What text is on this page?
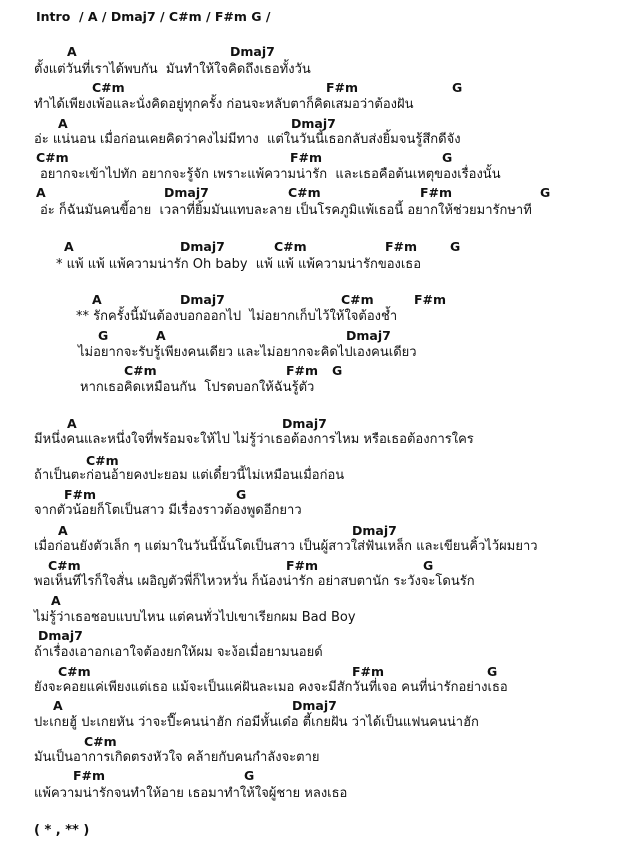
Intro  / A / Dmaj7 / C#m / F#m G /
A	Dmaj7
ตั้งแต่วันที่เราได้พบกัน  มันทำให้ใจคิดถึงเธอทั้งวัน
C#m	F#m	G
ทำได้เพียงเพ้อและนั่งคิดอยู่ทุกครั้ง ก่อนจะหลับตาก็คิดเสมอว่าต้องฝัน
A	Dmaj7
อ่ะ แน่นอน เมื่อก่อนเคยคิดว่าคงไม่มีทาง  แต่ในวันนี้เธอกลับส่งยิ้มจนรู้สึกดีจัง
C#m	F#m	G
อยากจะเข้าไปทัก อยากจะรู้จัก เพราะแพ้ความน่ารัก  และเธอคือต้นเหตุของเรื่องนั้น
A	Dmaj7	C#m	F#m	G
อ่ะ ก็ฉันมันคนขี้อาย  เวลาที่ยิ้มมันแทบละลาย เป็นโรคภูมิแพ้เธอนี้ อยากให้ช่วยมารักษาที
A	Dmaj7	C#m	F#m	G
* แพ้ แพ้ แพ้ความน่ารัก Oh baby  แพ้ แพ้ แพ้ความน่ารักของเธอ
A	Dmaj7	C#m	F#m
** รักครั้งนี้มันต้องบอกออกไป  ไม่อยากเก็บไว้ให้ใจต้องช้ำ
G	A	Dmaj7
ไม่อยากจะรับรู้เพียงคนเดียว และไม่อยากจะคิดไปเองคนเดียว
C#m	F#m G
หากเธอคิดเหมือนกัน  โปรดบอกให้ฉันรู้ตัว
A	Dmaj7
มีหนึ่งคนและหนึ่งใจที่พร้อมจะให้ไป ไม่รู้ว่าเธอต้องการไหม หรือเธอต้องการใคร
C#m
ถ้าเป็นตะก่อนอ้ายคงปะยอม แต่เดี๋ยวนี้ไม่เหมือนเมื่อก่อน
F#m	G
จากตัวน้อยก็โตเป็นสาว มีเรื่องราวต้องพูดอีกยาว
A	Dmaj7
เมื่อก่อนยังตัวเล็ก ๆ แต่มาในวันนี้นั้นโตเป็นสาว เป็นผู้สาวใส่ฟันเหล็ก และเขียนคิ้วไว้ผมยาว
C#m	F#m	G
พอเห็นทีไรก็ใจสั่น เผอิญตัวพี่ก็ไหวหวั่น ก็น้องน่ารัก อย่าสบตานัก ระวังจะโดนรัก
A
ไม่รู้ว่าเธอชอบแบบไหน แต่คนทั่วไปเขาเรียกผม Bad Boy
Dmaj7
ถ้าเรื่องเอาอกเอาใจต้องยกให้ผม จะง้อเมื่อยามนอยด์
C#m	F#m	G
ยังจะคอยแค่เพียงแต่เธอ แม้จะเป็นแค่ฝันละเมอ คงจะมีสักวันที่เจอ คนที่น่ารักอย่างเธอ
A	Dmaj7
ปะเกยฮู้ ปะเกยหัน ว่าจะปี๊ะคนน่าฮัก ก่อมีหั้นเด๋อ ตี้เกยฝัน ว่าได้เป็นแฟนคนน่าฮัก
C#m
มันเป็นอาการเกิดตรงหัวใจ คล้ายกับคนกำลังจะตาย
F#m	G
แพ้ความน่ารักจนทำให้อาย เธอมาทำให้ใจผู้ชาย หลงเธอ
( * , ** )
